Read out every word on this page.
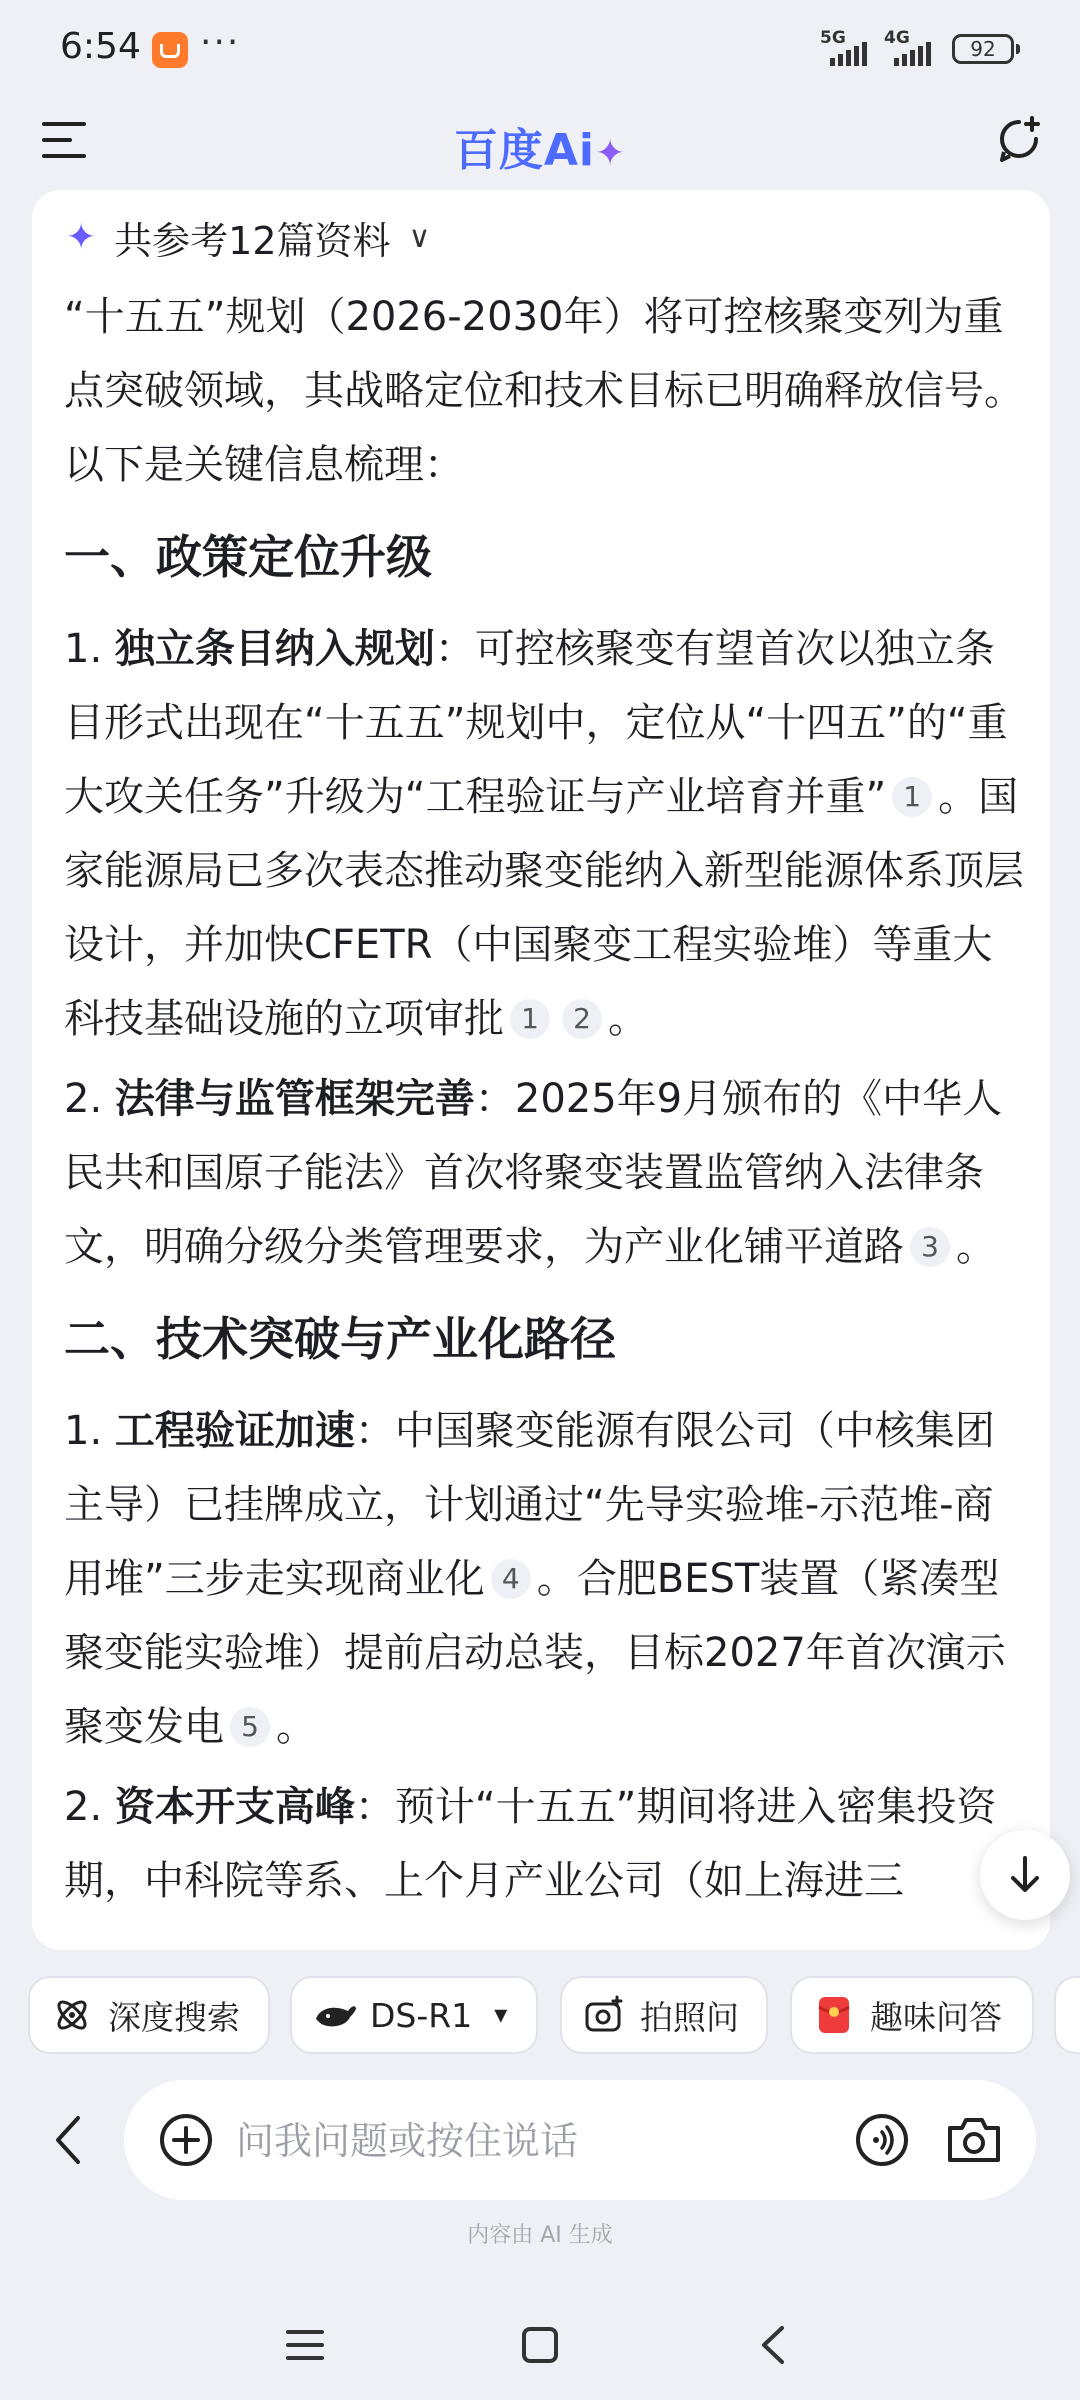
6:54 ···	5G 4G	92
百度Ai✦
✦ 共参考12篇资料 ∨

“十五五”规划（2026-2030年）将可控核聚变列为重点突破领域，其战略定位和技术目标已明确释放信号。以下是关键信息梳理：

一、政策定位升级

1. 独立条目纳入规划：可控核聚变有望首次以独立条目形式出现在“十五五”规划中，定位从“十四五”的“重大攻关任务”升级为“工程验证与产业培育并重” 1 。国家能源局已多次表态推动聚变能纳入新型能源体系顶层设计，并加快CFETR（中国聚变工程实验堆）等重大科技基础设施的立项审批 1 2 。

2. 法律与监管框架完善：2025年9月颁布的《中华人民共和国原子能法》首次将聚变装置监管纳入法律条文，明确分级分类管理要求，为产业化铺平道路 3 。

二、技术突破与产业化路径

1. 工程验证加速：中国聚变能源有限公司（中核集团主导）已挂牌成立，计划通过“先导实验堆-示范堆-商用堆”三步走实现商业化 4 。合肥BEST装置（紧凑型聚变能实验堆）提前启动总装，目标2027年首次演示聚变发电 5 。

2. 资本开支高峰：预计“十五五”期间将进入密集投资期，中科院等系、上个月产业公司（如上海进三

深度搜索	DS-R1 ▾	拍照问	趣味问答
问我问题或按住说话
内容由 AI 生成
